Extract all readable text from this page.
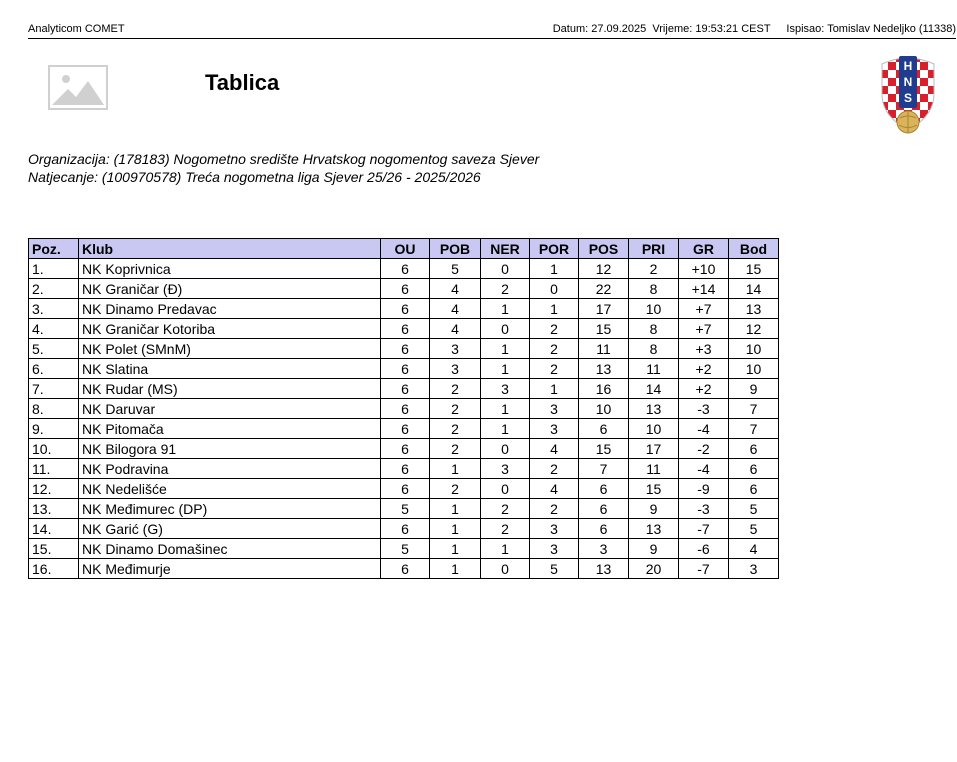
Analyticom COMET	Datum: 27.09.2025 Vrijeme: 19:53:21 CEST Ispisao: Tomislav Nedeljko (11338)
Tablica
H
N
S
Organizacija: (178183) Nogometno središte Hrvatskog nogomentog saveza Sjever
Natjecanje: (100970578) Treća nogometna liga Sjever 25/26 - 2025/2026
Poz.	Klub	OU	POB	NER	POR	POS	PRI	GR	Bod
1.	NK Koprivnica	6	5	0	1	12	2	+10	15
2.	NK Graničar (Đ)	6	4	2	0	22	8	+14	14
3.	NK Dinamo Predavac	6	4	1	1	17	10	+7	13
4.	NK Graničar Kotoriba	6	4	0	2	15	8	+7	12
5.	NK Polet (SMnM)	6	3	1	2	11	8	+3	10
6.	NK Slatina	6	3	1	2	13	11	+2	10
7.	NK Rudar (MS)	6	2	3	1	16	14	+2	9
8.	NK Daruvar	6	2	1	3	10	13	-3	7
9.	NK Pitomača	6	2	1	3	6	10	-4	7
10.	NK Bilogora 91	6	2	0	4	15	17	-2	6
11.	NK Podravina	6	1	3	2	7	11	-4	6
12.	NK Nedelišće	6	2	0	4	6	15	-9	6
13.	NK Međimurec (DP)	5	1	2	2	6	9	-3	5
14.	NK Garić (G)	6	1	2	3	6	13	-7	5
15.	NK Dinamo Domašinec	5	1	1	3	3	9	-6	4
16.	NK Međimurje	6	1	0	5	13	20	-7	3
